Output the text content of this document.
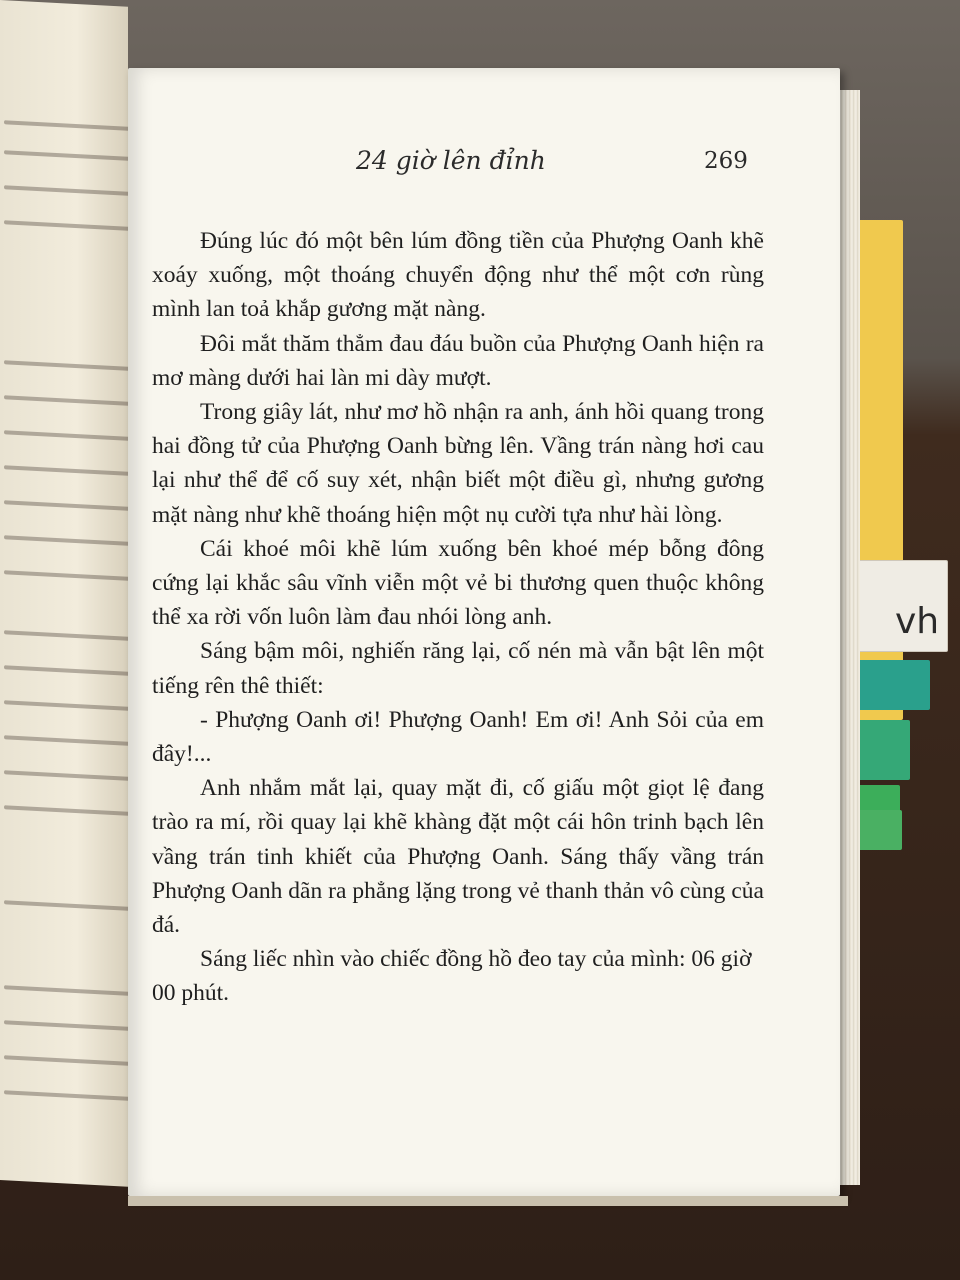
vh
24 giờ lên đỉnh	269

Đúng lúc đó một bên lúm đồng tiền của Phượng Oanh khẽ xoáy xuống, một thoáng chuyển động như thể một cơn rùng mình lan toả khắp gương mặt nàng.

Đôi mắt thăm thẳm đau đáu buồn của Phượng Oanh hiện ra mơ màng dưới hai làn mi dày mượt.

Trong giây lát, như mơ hồ nhận ra anh, ánh hồi quang trong hai đồng tử của Phượng Oanh bừng lên. Vầng trán nàng hơi cau lại như thể để cố suy xét, nhận biết một điều gì, nhưng gương mặt nàng như khẽ thoáng hiện một nụ cười tựa như hài lòng.

Cái khoé môi khẽ lúm xuống bên khoé mép bỗng đông cứng lại khắc sâu vĩnh viễn một vẻ bi thương quen thuộc không thể xa rời vốn luôn làm đau nhói lòng anh.

Sáng bậm môi, nghiến răng lại, cố nén mà vẫn bật lên một tiếng rên thê thiết:

- Phượng Oanh ơi! Phượng Oanh! Em ơi! Anh Sỏi của em đây!...

Anh nhắm mắt lại, quay mặt đi, cố giấu một giọt lệ đang trào ra mí, rồi quay lại khẽ khàng đặt một cái hôn trinh bạch lên vầng trán tinh khiết của Phượng Oanh. Sáng thấy vầng trán Phượng Oanh dãn ra phẳng lặng trong vẻ thanh thản vô cùng của đá.

Sáng liếc nhìn vào chiếc đồng hồ đeo tay của mình: 06 giờ 00 phút.
